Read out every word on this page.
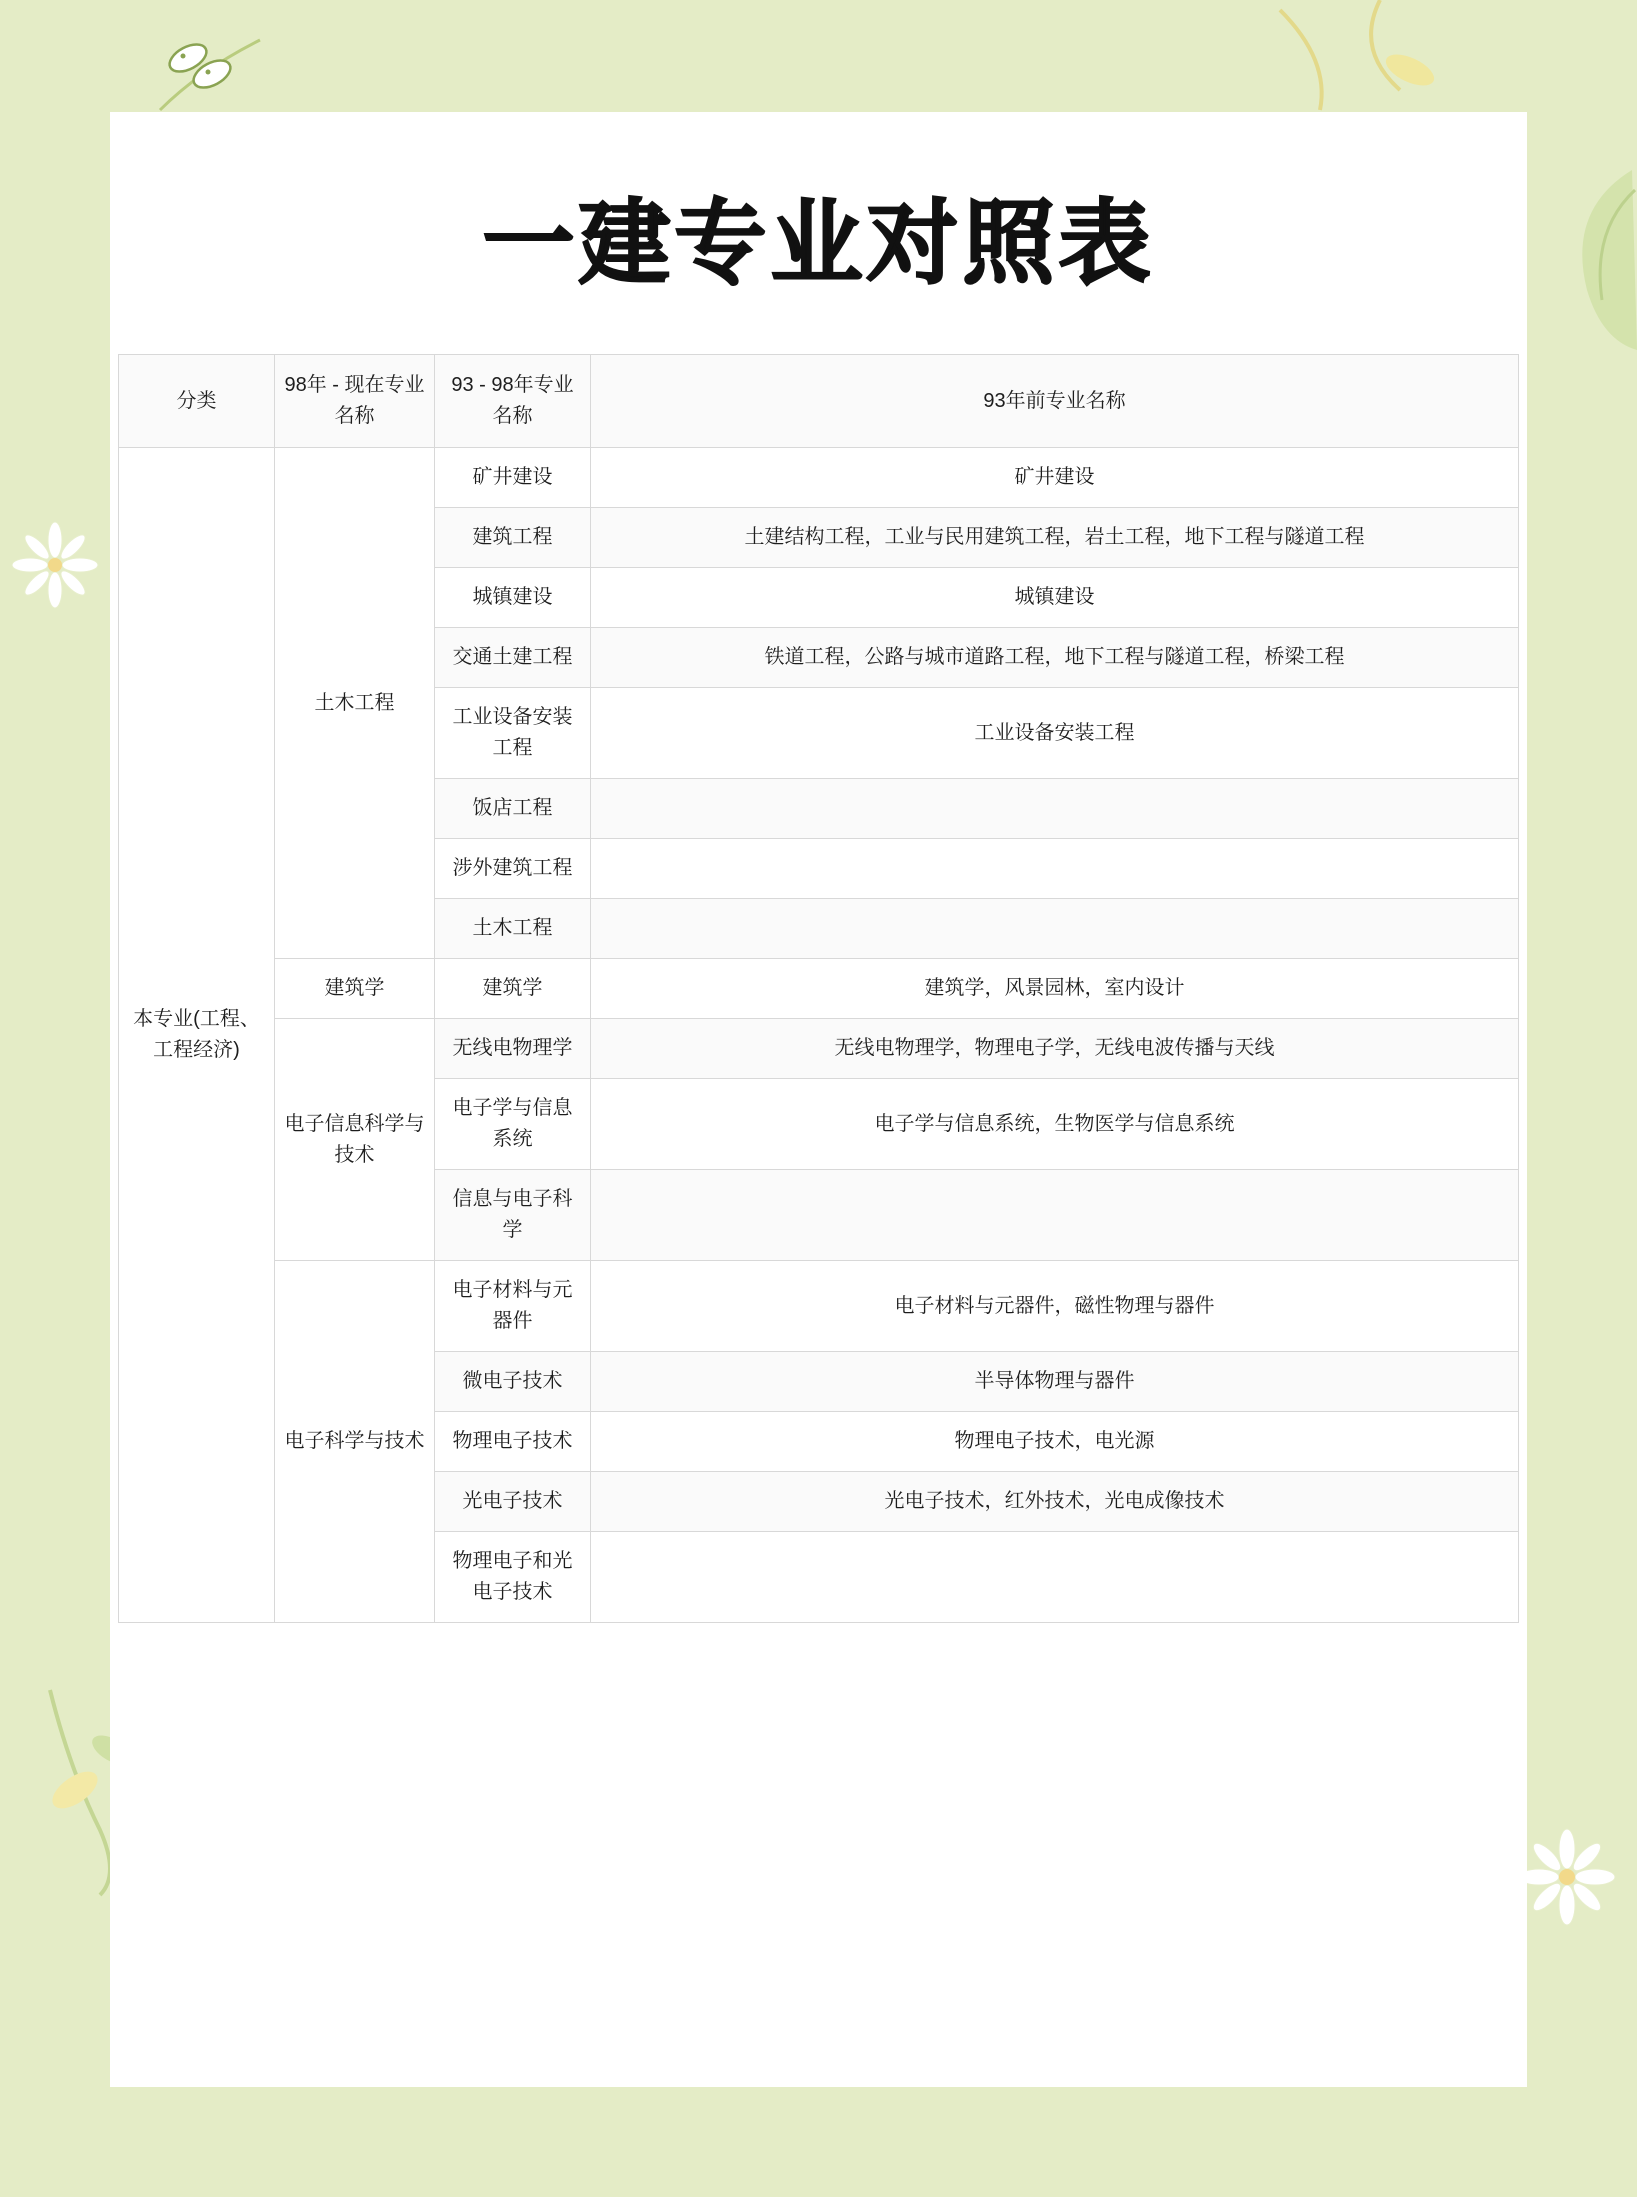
一建专业对照表
分类	98年 - 现在专业名称	93 - 98年专业名称	93年前专业名称
本专业(工程、工程经济)	土木工程	矿井建设	矿井建设
		建筑工程	土建结构工程，工业与民用建筑工程，岩土工程，地下工程与隧道工程
		城镇建设	城镇建设
		交通土建工程	铁道工程，公路与城市道路工程，地下工程与隧道工程，桥梁工程
		工业设备安装工程	工业设备安装工程
		饭店工程	
		涉外建筑工程	
		土木工程	
	建筑学	建筑学	建筑学，风景园林，室内设计
	电子信息科学与技术	无线电物理学	无线电物理学，物理电子学，无线电波传播与天线
		电子学与信息系统	电子学与信息系统，生物医学与信息系统
		信息与电子科学	
	电子科学与技术	电子材料与元器件	电子材料与元器件，磁性物理与器件
		微电子技术	半导体物理与器件
		物理电子技术	物理电子技术，电光源
		光电子技术	光电子技术，红外技术，光电成像技术
		物理电子和光电子技术	
